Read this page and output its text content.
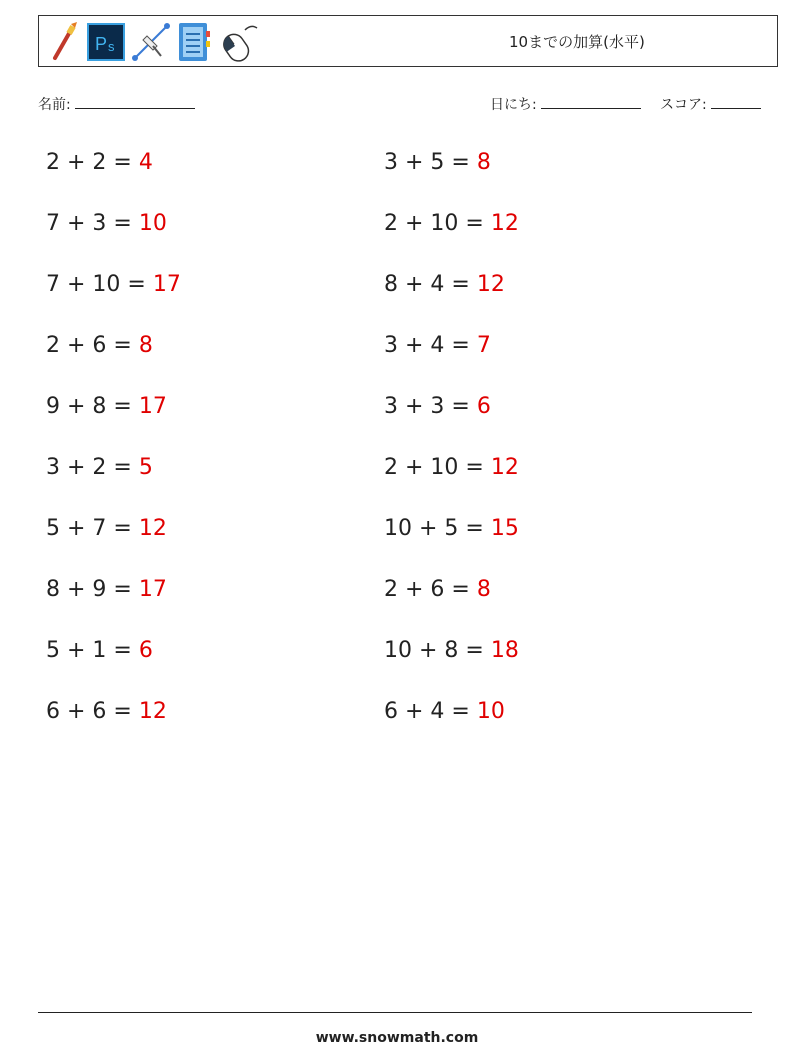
P s	10までの加算(水平)
名前:	日にち:	スコア:
2 + 2 = 4
7 + 3 = 10
7 + 10 = 17
2 + 6 = 8
9 + 8 = 17
3 + 2 = 5
5 + 7 = 12
8 + 9 = 17
5 + 1 = 6
6 + 6 = 12
3 + 5 = 8
2 + 10 = 12
8 + 4 = 12
3 + 4 = 7
3 + 3 = 6
2 + 10 = 12
10 + 5 = 15
2 + 6 = 8
10 + 8 = 18
6 + 4 = 10
www.snowmath.com
